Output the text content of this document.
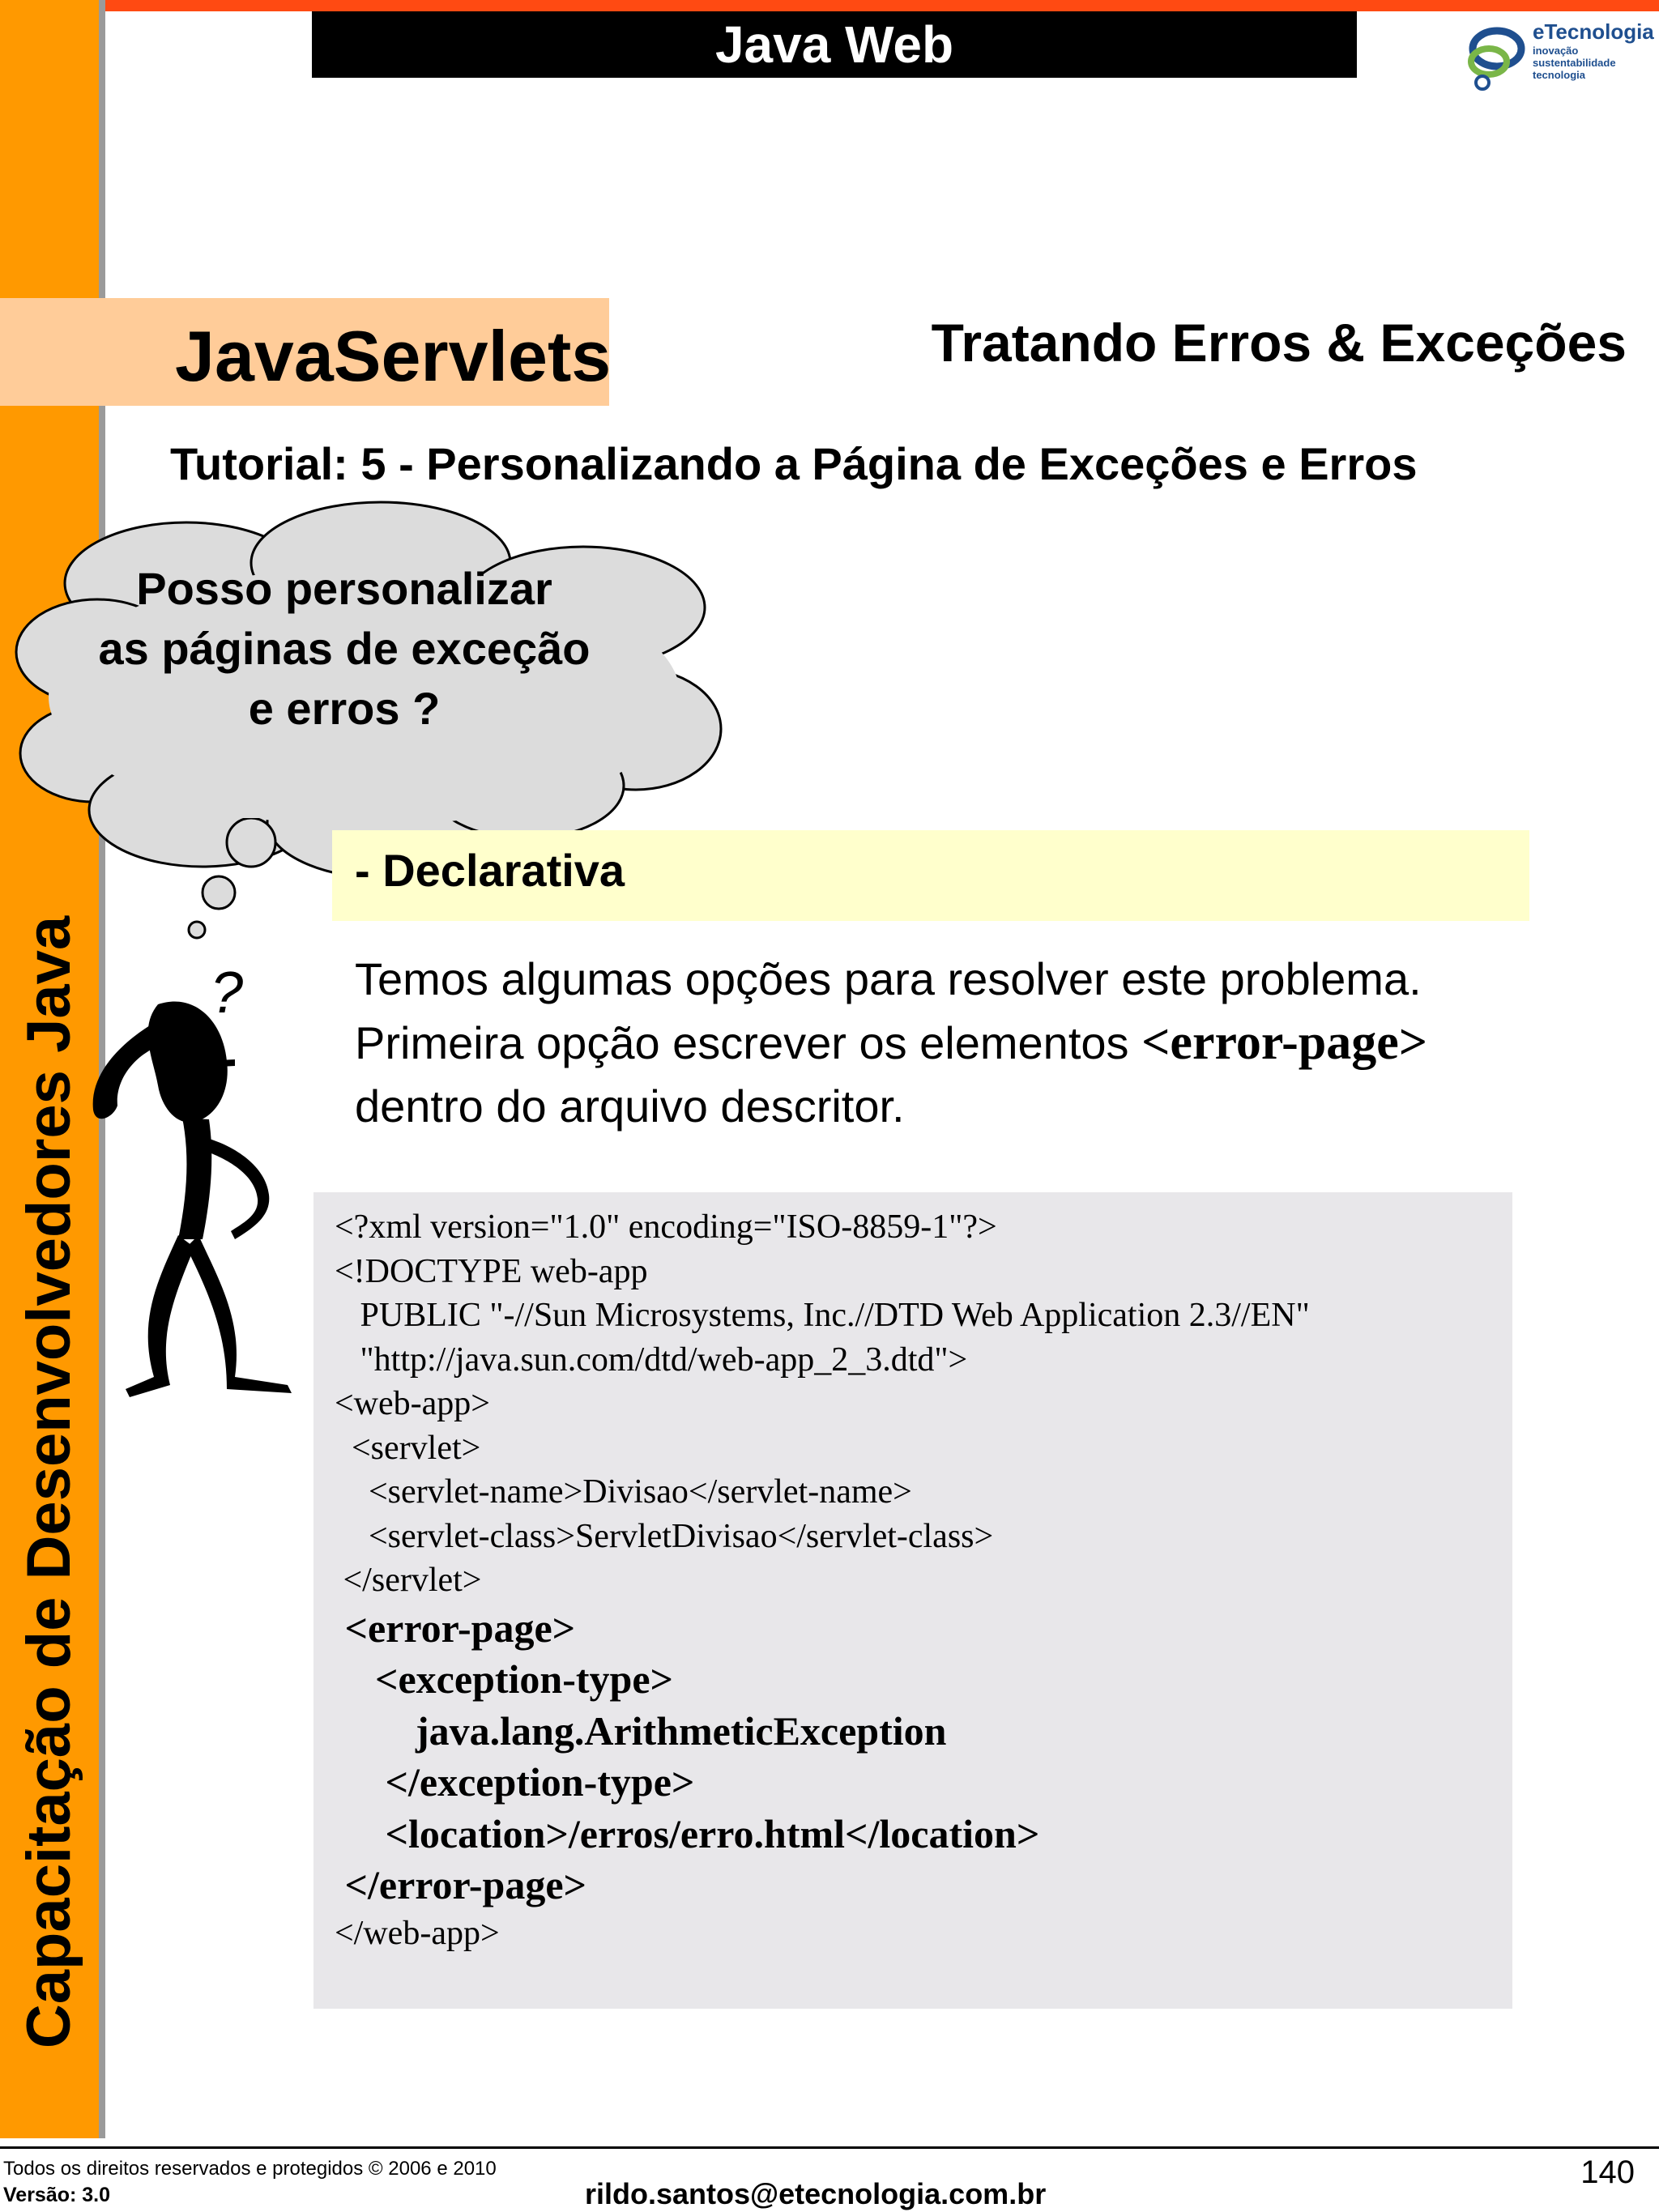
Capacitação de Desenvolvedores Java
Java Web	eTecnologia
inovação
sustentabilidade
tecnologia
JavaServlets	Tratando Erros & Exceções
Tutorial: 5 - Personalizando a Página de Exceções e Erros
Posso personalizar
as páginas de exceção
e erros ?
?
- Declarativa
Temos algumas opções para resolver este problema.
Primeira opção escrever os elementos <error-page>
dentro do arquivo descritor.
<?xml version="1.0" encoding="ISO-8859-1"?>
<!DOCTYPE web-app
PUBLIC "-//Sun Microsystems, Inc.//DTD Web Application 2.3//EN"
"http://java.sun.com/dtd/web-app_2_3.dtd">
<web-app>
<servlet>
<servlet-name>Divisao</servlet-name>
<servlet-class>ServletDivisao</servlet-class>
</servlet>
<error-page>
<exception-type>
java.lang.ArithmeticException
</exception-type>
<location>/erros/erro.html</location>
</error-page>
</web-app>
Todos os direitos reservados e protegidos © 2006 e 2010
Versão: 3.0	rildo.santos@etecnologia.com.br
140
